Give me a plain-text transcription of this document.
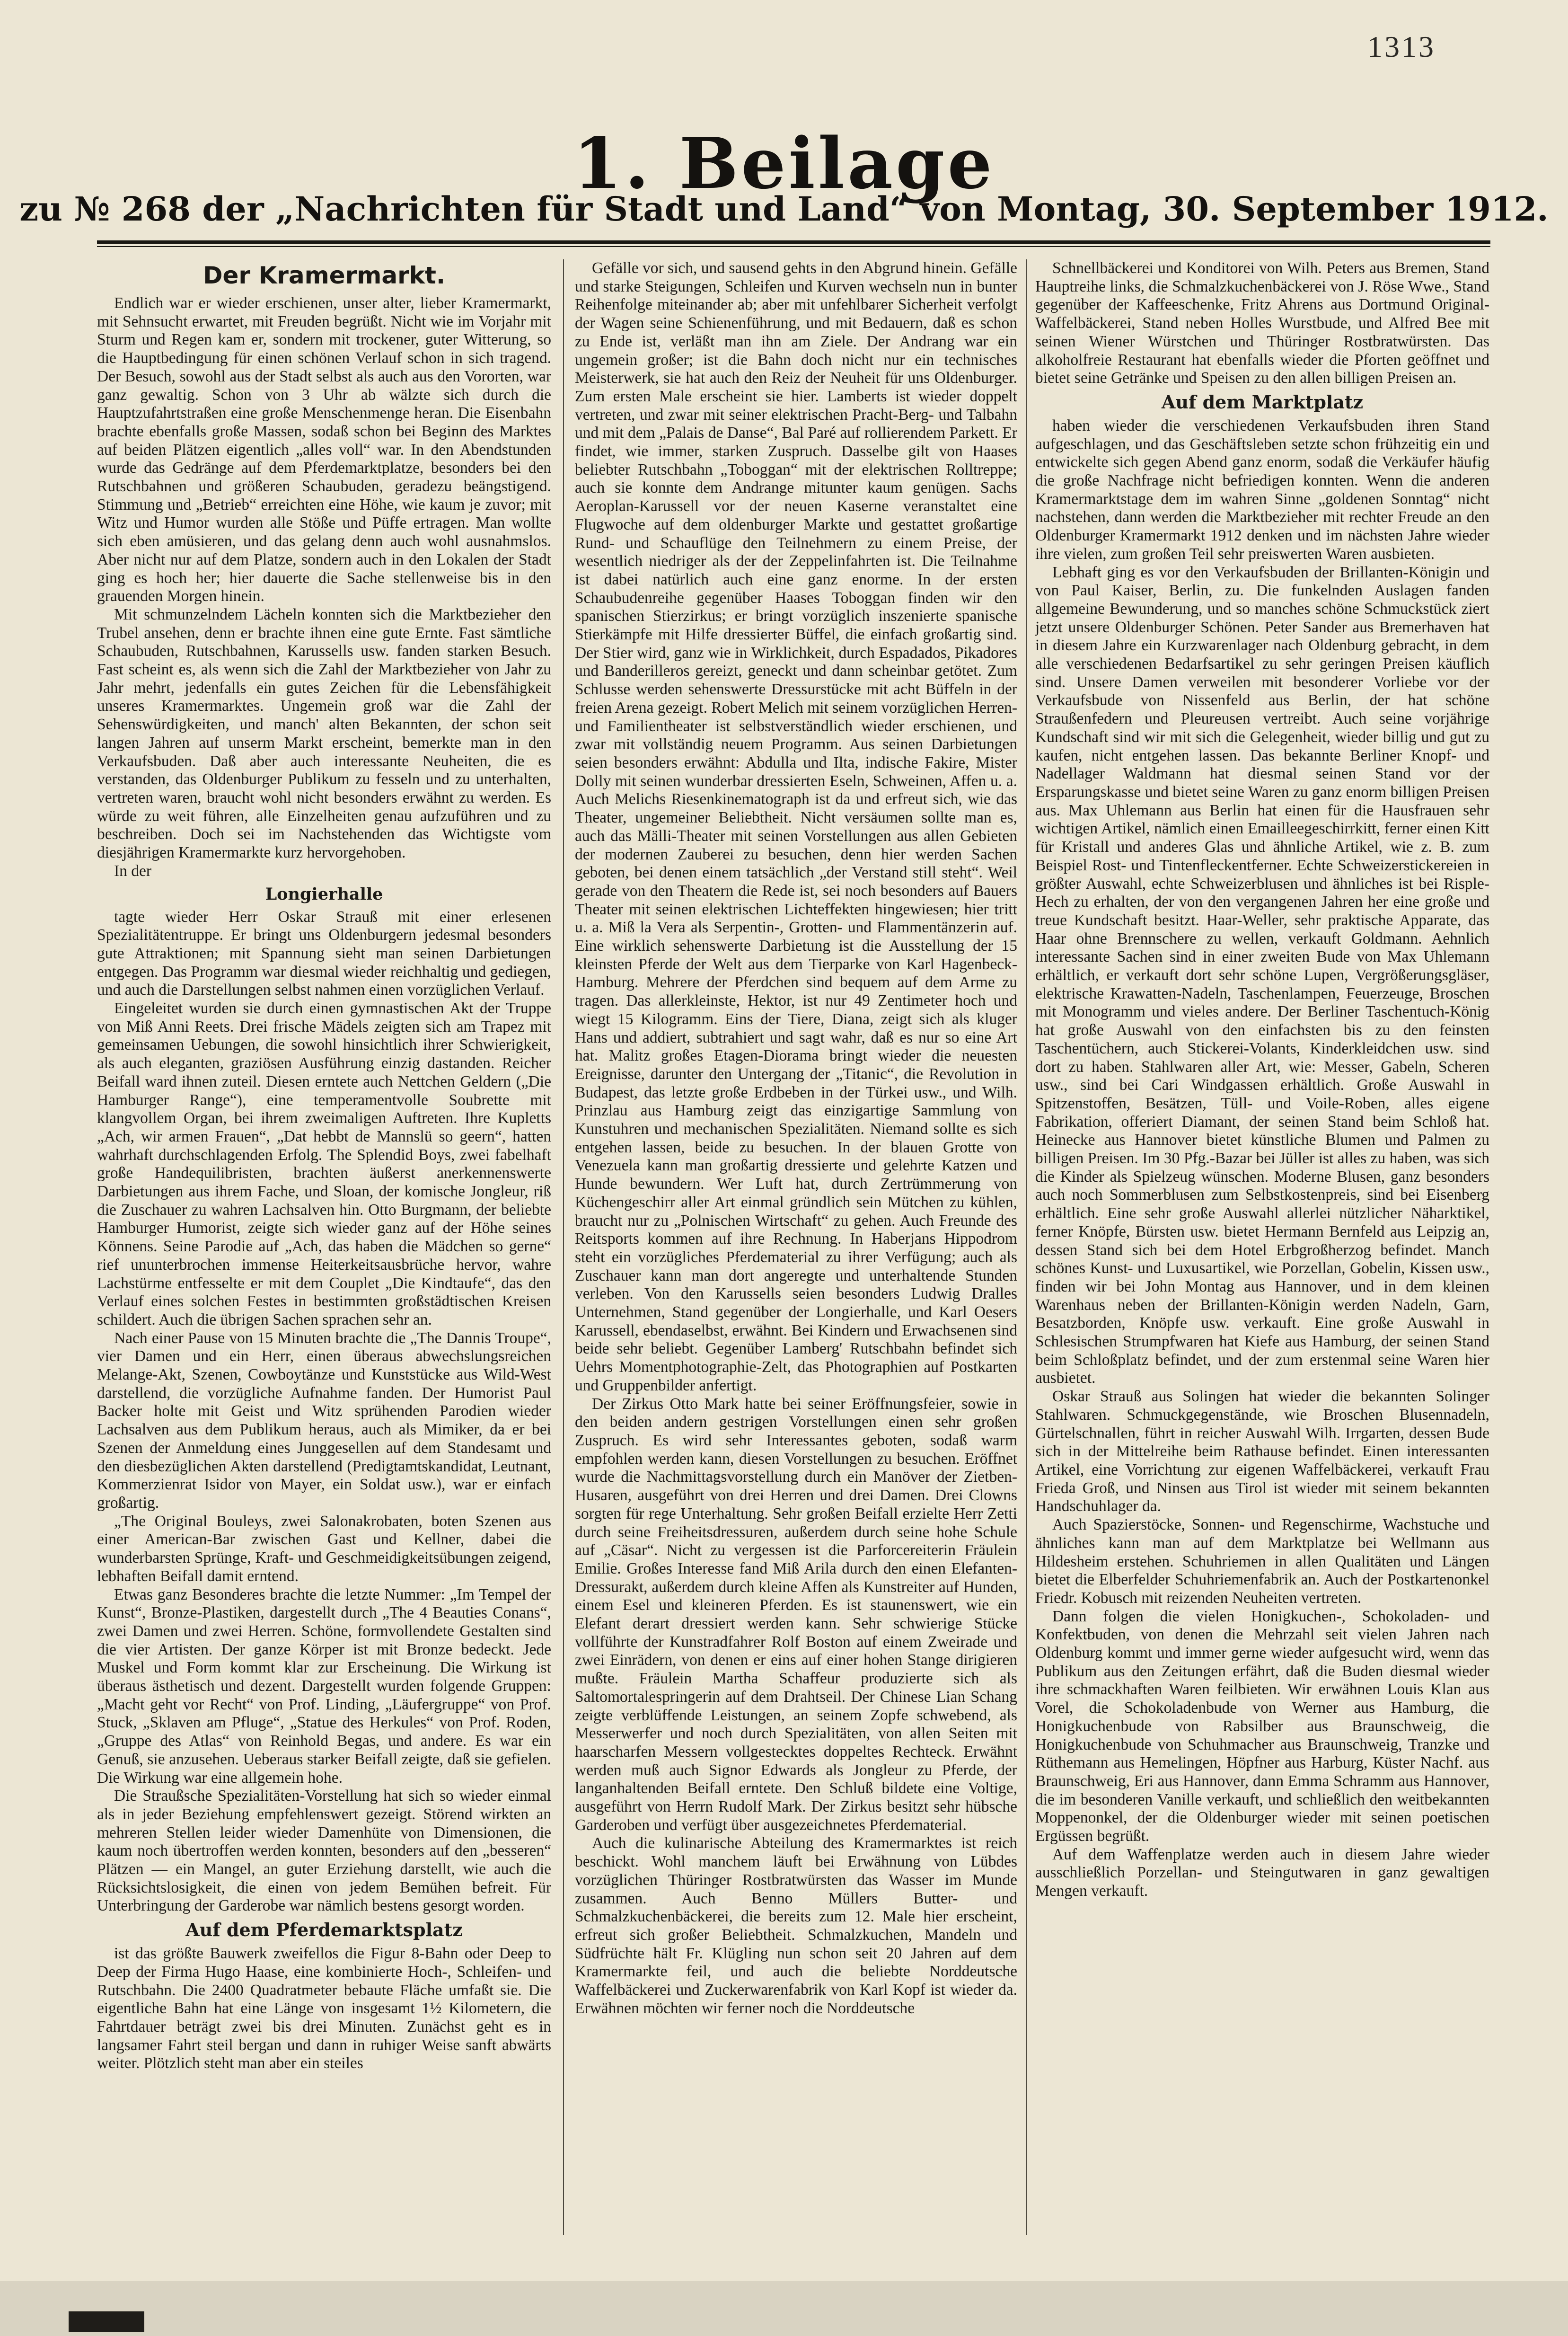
1313
1. Beilage
zu № 268 der „Nachrichten für Stadt und Land“ von Montag, 30. September 1912.
Der Kramermarkt.

Endlich war er wieder erschienen, unser alter, lieber Kramermarkt, mit Sehnsucht erwartet, mit Freuden begrüßt. Nicht wie im Vorjahr mit Sturm und Regen kam er, sondern mit trockener, guter Witterung, so die Hauptbedingung für einen schönen Verlauf schon in sich tragend. Der Besuch, sowohl aus der Stadt selbst als auch aus den Vororten, war ganz gewaltig. Schon von 3 Uhr ab wälzte sich durch die Hauptzufahrtstraßen eine große Menschenmenge heran. Die Eisenbahn brachte ebenfalls große Massen, sodaß schon bei Beginn des Marktes auf beiden Plätzen eigentlich „alles voll“ war. In den Abendstunden wurde das Gedränge auf dem Pferdemarktplatze, besonders bei den Rutschbahnen und größeren Schaubuden, geradezu beängstigend. Stimmung und „Betrieb“ erreichten eine Höhe, wie kaum je zuvor; mit Witz und Humor wurden alle Stöße und Püffe ertragen. Man wollte sich eben amüsieren, und das gelang denn auch wohl ausnahmslos. Aber nicht nur auf dem Platze, sondern auch in den Lokalen der Stadt ging es hoch her; hier dauerte die Sache stellenweise bis in den grauenden Morgen hinein.

Mit schmunzelndem Lächeln konnten sich die Marktbezieher den Trubel ansehen, denn er brachte ihnen eine gute Ernte. Fast sämtliche Schaubuden, Rutschbahnen, Karussells usw. fanden starken Besuch. Fast scheint es, als wenn sich die Zahl der Marktbezieher von Jahr zu Jahr mehrt, jedenfalls ein gutes Zeichen für die Lebensfähigkeit unseres Kramermarktes. Ungemein groß war die Zahl der Sehenswürdigkeiten, und manch' alten Bekannten, der schon seit langen Jahren auf unserm Markt erscheint, bemerkte man in den Verkaufsbuden. Daß aber auch interessante Neuheiten, die es verstanden, das Oldenburger Publikum zu fesseln und zu unterhalten, vertreten waren, braucht wohl nicht besonders erwähnt zu werden. Es würde zu weit führen, alle Einzelheiten genau aufzuführen und zu beschreiben. Doch sei im Nachstehenden das Wichtigste vom diesjährigen Kramermarkte kurz hervorgehoben.

In der

Longierhalle

tagte wieder Herr Oskar Strauß mit einer erlesenen Spezialitätentruppe. Er bringt uns Oldenburgern jedesmal besonders gute Attraktionen; mit Spannung sieht man seinen Darbietungen entgegen. Das Programm war diesmal wieder reichhaltig und gediegen, und auch die Darstellungen selbst nahmen einen vorzüglichen Verlauf.

Eingeleitet wurden sie durch einen gymnastischen Akt der Truppe von Miß Anni Reets. Drei frische Mädels zeigten sich am Trapez mit gemeinsamen Uebungen, die sowohl hinsichtlich ihrer Schwierigkeit, als auch eleganten, graziösen Ausführung einzig dastanden. Reicher Beifall ward ihnen zuteil. Diesen erntete auch Nettchen Geldern („Die Hamburger Range“), eine temperamentvolle Soubrette mit klangvollem Organ, bei ihrem zweimaligen Auftreten. Ihre Kupletts „Ach, wir armen Frauen“, „Dat hebbt de Mannslü so geern“, hatten wahrhaft durchschlagenden Erfolg. The Splendid Boys, zwei fabelhaft große Handequilibristen, brachten äußerst anerkennenswerte Darbietungen aus ihrem Fache, und Sloan, der komische Jongleur, riß die Zuschauer zu wahren Lachsalven hin. Otto Burgmann, der beliebte Hamburger Humorist, zeigte sich wieder ganz auf der Höhe seines Könnens. Seine Parodie auf „Ach, das haben die Mädchen so gerne“ rief ununterbrochen immense Heiterkeitsausbrüche hervor, wahre Lachstürme entfesselte er mit dem Couplet „Die Kindtaufe“, das den Verlauf eines solchen Festes in bestimmten großstädtischen Kreisen schildert. Auch die übrigen Sachen sprachen sehr an.

Nach einer Pause von 15 Minuten brachte die „The Dannis Troupe“, vier Damen und ein Herr, einen überaus abwechslungsreichen Melange-Akt, Szenen, Cowboytänze und Kunststücke aus Wild-West darstellend, die vorzügliche Aufnahme fanden. Der Humorist Paul Backer holte mit Geist und Witz sprühenden Parodien wieder Lachsalven aus dem Publikum heraus, auch als Mimiker, da er bei Szenen der Anmeldung eines Junggesellen auf dem Standesamt und den diesbezüglichen Akten darstellend (Predigtamtskandidat, Leutnant, Kommerzienrat Isidor von Mayer, ein Soldat usw.), war er einfach großartig.

„The Original Bouleys, zwei Salonakrobaten, boten Szenen aus einer American-Bar zwischen Gast und Kellner, dabei die wunderbarsten Sprünge, Kraft- und Geschmeidigkeitsübungen zeigend, lebhaften Beifall damit erntend.

Etwas ganz Besonderes brachte die letzte Nummer: „Im Tempel der Kunst“, Bronze-Plastiken, dargestellt durch „The 4 Beauties Conans“, zwei Damen und zwei Herren. Schöne, formvollendete Gestalten sind die vier Artisten. Der ganze Körper ist mit Bronze bedeckt. Jede Muskel und Form kommt klar zur Erscheinung. Die Wirkung ist überaus ästhetisch und dezent. Dargestellt wurden folgende Gruppen: „Macht geht vor Recht“ von Prof. Linding, „Läufergruppe“ von Prof. Stuck, „Sklaven am Pfluge“, „Statue des Herkules“ von Prof. Roden, „Gruppe des Atlas“ von Reinhold Begas, und andere. Es war ein Genuß, sie anzusehen. Ueberaus starker Beifall zeigte, daß sie gefielen. Die Wirkung war eine allgemein hohe.

Die Straußsche Spezialitäten-Vorstellung hat sich so wieder einmal als in jeder Beziehung empfehlenswert gezeigt. Störend wirkten an mehreren Stellen leider wieder Damenhüte von Dimensionen, die kaum noch übertroffen werden konnten, besonders auf den „besseren“ Plätzen — ein Mangel, an guter Erziehung darstellt, wie auch die Rücksichtslosigkeit, die einen von jedem Bemühen befreit. Für Unterbringung der Garderobe war nämlich bestens gesorgt worden.

Auf dem Pferdemarktsplatz

ist das größte Bauwerk zweifellos die Figur 8-Bahn oder Deep to Deep der Firma Hugo Haase, eine kombinierte Hoch-, Schleifen- und Rutschbahn. Die 2400 Quadratmeter bebaute Fläche umfaßt sie. Die eigentliche Bahn hat eine Länge von insgesamt 1½ Kilometern, die Fahrtdauer beträgt zwei bis drei Minuten. Zunächst geht es in langsamer Fahrt steil bergan und dann in ruhiger Weise sanft abwärts weiter. Plötzlich steht man aber ein steiles

Gefälle vor sich, und sausend gehts in den Abgrund hinein. Gefälle und starke Steigungen, Schleifen und Kurven wechseln nun in bunter Reihenfolge miteinander ab; aber mit unfehlbarer Sicherheit verfolgt der Wagen seine Schienenführung, und mit Bedauern, daß es schon zu Ende ist, verläßt man ihn am Ziele. Der Andrang war ein ungemein großer; ist die Bahn doch nicht nur ein technisches Meisterwerk, sie hat auch den Reiz der Neuheit für uns Oldenburger. Zum ersten Male erscheint sie hier. Lamberts ist wieder doppelt vertreten, und zwar mit seiner elektrischen Pracht-Berg- und Talbahn und mit dem „Palais de Danse“, Bal Paré auf rollierendem Parkett. Er findet, wie immer, starken Zuspruch. Dasselbe gilt von Haases beliebter Rutschbahn „Toboggan“ mit der elektrischen Rolltreppe; auch sie konnte dem Andrange mitunter kaum genügen. Sachs Aeroplan-Karussell vor der neuen Kaserne veranstaltet eine Flugwoche auf dem oldenburger Markte und gestattet großartige Rund- und Schauflüge den Teilnehmern zu einem Preise, der wesentlich niedriger als der der Zeppelinfahrten ist. Die Teilnahme ist dabei natürlich auch eine ganz enorme. In der ersten Schaubudenreihe gegenüber Haases Toboggan finden wir den spanischen Stierzirkus; er bringt vorzüglich inszenierte spanische Stierkämpfe mit Hilfe dressierter Büffel, die einfach großartig sind. Der Stier wird, ganz wie in Wirklichkeit, durch Espadados, Pikadores und Banderilleros gereizt, geneckt und dann scheinbar getötet. Zum Schlusse werden sehenswerte Dressurstücke mit acht Büffeln in der freien Arena gezeigt. Robert Melich mit seinem vorzüglichen Herren- und Familientheater ist selbstverständlich wieder erschienen, und zwar mit vollständig neuem Programm. Aus seinen Darbietungen seien besonders erwähnt: Abdulla und Ilta, indische Fakire, Mister Dolly mit seinen wunderbar dressierten Eseln, Schweinen, Affen u. a. Auch Melichs Riesenkinematograph ist da und erfreut sich, wie das Theater, ungemeiner Beliebtheit. Nicht versäumen sollte man es, auch das Mälli-Theater mit seinen Vorstellungen aus allen Gebieten der modernen Zauberei zu besuchen, denn hier werden Sachen geboten, bei denen einem tatsächlich „der Verstand still steht“. Weil gerade von den Theatern die Rede ist, sei noch besonders auf Bauers Theater mit seinen elektrischen Lichteffekten hingewiesen; hier tritt u. a. Miß la Vera als Serpentin-, Grotten- und Flammentänzerin auf. Eine wirklich sehenswerte Darbietung ist die Ausstellung der 15 kleinsten Pferde der Welt aus dem Tierparke von Karl Hagenbeck-Hamburg. Mehrere der Pferdchen sind bequem auf dem Arme zu tragen. Das allerkleinste, Hektor, ist nur 49 Zentimeter hoch und wiegt 15 Kilogramm. Eins der Tiere, Diana, zeigt sich als kluger Hans und addiert, subtrahiert und sagt wahr, daß es nur so eine Art hat. Malitz großes Etagen-Diorama bringt wieder die neuesten Ereignisse, darunter den Untergang der „Titanic“, die Revolution in Budapest, das letzte große Erdbeben in der Türkei usw., und Wilh. Prinzlau aus Hamburg zeigt das einzigartige Sammlung von Kunstuhren und mechanischen Spezialitäten. Niemand sollte es sich entgehen lassen, beide zu besuchen. In der blauen Grotte von Venezuela kann man großartig dressierte und gelehrte Katzen und Hunde bewundern. Wer Luft hat, durch Zertrümmerung von Küchengeschirr aller Art einmal gründlich sein Mütchen zu kühlen, braucht nur zu „Polnischen Wirtschaft“ zu gehen. Auch Freunde des Reitsports kommen auf ihre Rechnung. In Haberjans Hippodrom steht ein vorzügliches Pferdematerial zu ihrer Verfügung; auch als Zuschauer kann man dort angeregte und unterhaltende Stunden verleben. Von den Karussells seien besonders Ludwig Dralles Unternehmen, Stand gegenüber der Longierhalle, und Karl Oesers Karussell, ebendaselbst, erwähnt. Bei Kindern und Erwachsenen sind beide sehr beliebt. Gegenüber Lamberg' Rutschbahn befindet sich Uehrs Momentphotographie-Zelt, das Photographien auf Postkarten und Gruppenbilder anfertigt.

Der Zirkus Otto Mark hatte bei seiner Eröffnungsfeier, sowie in den beiden andern gestrigen Vorstellungen einen sehr großen Zuspruch. Es wird sehr Interessantes geboten, sodaß warm empfohlen werden kann, diesen Vorstellungen zu besuchen. Eröffnet wurde die Nachmittagsvorstellung durch ein Manöver der Zietben-Husaren, ausgeführt von drei Herren und drei Damen. Drei Clowns sorgten für rege Unterhaltung. Sehr großen Beifall erzielte Herr Zetti durch seine Freiheitsdressuren, außerdem durch seine hohe Schule auf „Cäsar“. Nicht zu vergessen ist die Parforcereiterin Fräulein Emilie. Großes Interesse fand Miß Arila durch den einen Elefanten-Dressurakt, außerdem durch kleine Affen als Kunstreiter auf Hunden, einem Esel und kleineren Pferden. Es ist staunenswert, wie ein Elefant derart dressiert werden kann. Sehr schwierige Stücke vollführte der Kunstradfahrer Rolf Boston auf einem Zweirade und zwei Einrädern, von denen er eins auf einer hohen Stange dirigieren mußte. Fräulein Martha Schaffeur produzierte sich als Saltomortalespringerin auf dem Drahtseil. Der Chinese Lian Schang zeigte verblüffende Leistungen, an seinem Zopfe schwebend, als Messerwerfer und noch durch Spezialitäten, von allen Seiten mit haarscharfen Messern vollgestecktes doppeltes Rechteck. Erwähnt werden muß auch Signor Edwards als Jongleur zu Pferde, der langanhaltenden Beifall erntete. Den Schluß bildete eine Voltige, ausgeführt von Herrn Rudolf Mark. Der Zirkus besitzt sehr hübsche Garderoben und verfügt über ausgezeichnetes Pferdematerial.

Auch die kulinarische Abteilung des Kramermarktes ist reich beschickt. Wohl manchem läuft bei Erwähnung von Lübdes vorzüglichen Thüringer Rostbratwürsten das Wasser im Munde zusammen. Auch Benno Müllers Butter- und Schmalzkuchenbäckerei, die bereits zum 12. Male hier erscheint, erfreut sich großer Beliebtheit. Schmalzkuchen, Mandeln und Südfrüchte hält Fr. Klügling nun schon seit 20 Jahren auf dem Kramermarkte feil, und auch die beliebte Norddeutsche Waffelbäckerei und Zuckerwarenfabrik von Karl Kopf ist wieder da. Erwähnen möchten wir ferner noch die Norddeutsche

Schnellbäckerei und Konditorei von Wilh. Peters aus Bremen, Stand Hauptreihe links, die Schmalzkuchenbäckerei von J. Röse Wwe., Stand gegenüber der Kaffeeschenke, Fritz Ahrens aus Dortmund Original-Waffelbäckerei, Stand neben Holles Wurstbude, und Alfred Bee mit seinen Wiener Würstchen und Thüringer Rostbratwürsten. Das alkoholfreie Restaurant hat ebenfalls wieder die Pforten geöffnet und bietet seine Getränke und Speisen zu den allen billigen Preisen an.

Auf dem Marktplatz

haben wieder die verschiedenen Verkaufsbuden ihren Stand aufgeschlagen, und das Geschäftsleben setzte schon frühzeitig ein und entwickelte sich gegen Abend ganz enorm, sodaß die Verkäufer häufig die große Nachfrage nicht befriedigen konnten. Wenn die anderen Kramermarktstage dem im wahren Sinne „goldenen Sonntag“ nicht nachstehen, dann werden die Marktbezieher mit rechter Freude an den Oldenburger Kramermarkt 1912 denken und im nächsten Jahre wieder ihre vielen, zum großen Teil sehr preiswerten Waren ausbieten.

Lebhaft ging es vor den Verkaufsbuden der Brillanten-Königin und von Paul Kaiser, Berlin, zu. Die funkelnden Auslagen fanden allgemeine Bewunderung, und so manches schöne Schmuckstück ziert jetzt unsere Oldenburger Schönen. Peter Sander aus Bremerhaven hat in diesem Jahre ein Kurzwarenlager nach Oldenburg gebracht, in dem alle verschiedenen Bedarfsartikel zu sehr geringen Preisen käuflich sind. Unsere Damen verweilen mit besonderer Vorliebe vor der Verkaufsbude von Nissenfeld aus Berlin, der hat schöne Straußenfedern und Pleureusen vertreibt. Auch seine vorjährige Kundschaft sind wir mit sich die Gelegenheit, wieder billig und gut zu kaufen, nicht entgehen lassen. Das bekannte Berliner Knopf- und Nadellager Waldmann hat diesmal seinen Stand vor der Ersparungskasse und bietet seine Waren zu ganz enorm billigen Preisen aus. Max Uhlemann aus Berlin hat einen für die Hausfrauen sehr wichtigen Artikel, nämlich einen Emailleegeschirrkitt, ferner einen Kitt für Kristall und anderes Glas und ähnliche Artikel, wie z. B. zum Beispiel Rost- und Tintenfleckentferner. Echte Schweizerstickereien in größter Auswahl, echte Schweizerblusen und ähnliches ist bei Risple-Hech zu erhalten, der von den vergangenen Jahren her eine große und treue Kundschaft besitzt. Haar-Weller, sehr praktische Apparate, das Haar ohne Brennschere zu wellen, verkauft Goldmann. Aehnlich interessante Sachen sind in einer zweiten Bude von Max Uhlemann erhältlich, er verkauft dort sehr schöne Lupen, Vergrößerungsgläser, elektrische Krawatten-Nadeln, Taschenlampen, Feuerzeuge, Broschen mit Monogramm und vieles andere. Der Berliner Taschentuch-König hat große Auswahl von den einfachsten bis zu den feinsten Taschentüchern, auch Stickerei-Volants, Kinderkleidchen usw. sind dort zu haben. Stahlwaren aller Art, wie: Messer, Gabeln, Scheren usw., sind bei Cari Windgassen erhältlich. Große Auswahl in Spitzenstoffen, Besätzen, Tüll- und Voile-Roben, alles eigene Fabrikation, offeriert Diamant, der seinen Stand beim Schloß hat. Heinecke aus Hannover bietet künstliche Blumen und Palmen zu billigen Preisen. Im 30 Pfg.-Bazar bei Jüller ist alles zu haben, was sich die Kinder als Spielzeug wünschen. Moderne Blusen, ganz besonders auch noch Sommerblusen zum Selbstkostenpreis, sind bei Eisenberg erhältlich. Eine sehr große Auswahl allerlei nützlicher Näharktikel, ferner Knöpfe, Bürsten usw. bietet Hermann Bernfeld aus Leipzig an, dessen Stand sich bei dem Hotel Erbgroßherzog befindet. Manch schönes Kunst- und Luxusartikel, wie Porzellan, Gobelin, Kissen usw., finden wir bei John Montag aus Hannover, und in dem kleinen Warenhaus neben der Brillanten-Königin werden Nadeln, Garn, Besatzborden, Knöpfe usw. verkauft. Eine große Auswahl in Schlesischen Strumpfwaren hat Kiefe aus Hamburg, der seinen Stand beim Schloßplatz befindet, und der zum erstenmal seine Waren hier ausbietet.

Oskar Strauß aus Solingen hat wieder die bekannten Solinger Stahlwaren. Schmuckgegenstände, wie Broschen Blusennadeln, Gürtelschnallen, führt in reicher Auswahl Wilh. Irrgarten, dessen Bude sich in der Mittelreihe beim Rathause befindet. Einen interessanten Artikel, eine Vorrichtung zur eigenen Waffelbäckerei, verkauft Frau Frieda Groß, und Ninsen aus Tirol ist wieder mit seinem bekannten Handschuhlager da.

Auch Spazierstöcke, Sonnen- und Regenschirme, Wachstuche und ähnliches kann man auf dem Marktplatze bei Wellmann aus Hildesheim erstehen. Schuhriemen in allen Qualitäten und Längen bietet die Elberfelder Schuhriemenfabrik an. Auch der Postkartenonkel Friedr. Kobusch mit reizenden Neuheiten vertreten.

Dann folgen die vielen Honigkuchen-, Schokoladen- und Konfektbuden, von denen die Mehrzahl seit vielen Jahren nach Oldenburg kommt und immer gerne wieder aufgesucht wird, wenn das Publikum aus den Zeitungen erfährt, daß die Buden diesmal wieder ihre schmackhaften Waren feilbieten. Wir erwähnen Louis Klan aus Vorel, die Schokoladenbude von Werner aus Hamburg, die Honigkuchenbude von Rabsilber aus Braunschweig, die Honigkuchenbude von Schuhmacher aus Braunschweig, Tranzke und Rüthemann aus Hemelingen, Höpfner aus Harburg, Küster Nachf. aus Braunschweig, Eri aus Hannover, dann Emma Schramm aus Hannover, die im besonderen Vanille verkauft, und schließlich den weitbekannten Moppenonkel, der die Oldenburger wieder mit seinen poetischen Ergüssen begrüßt.

Auf dem Waffenplatze werden auch in diesem Jahre wieder ausschließlich Porzellan- und Steingutwaren in ganz gewaltigen Mengen verkauft.
